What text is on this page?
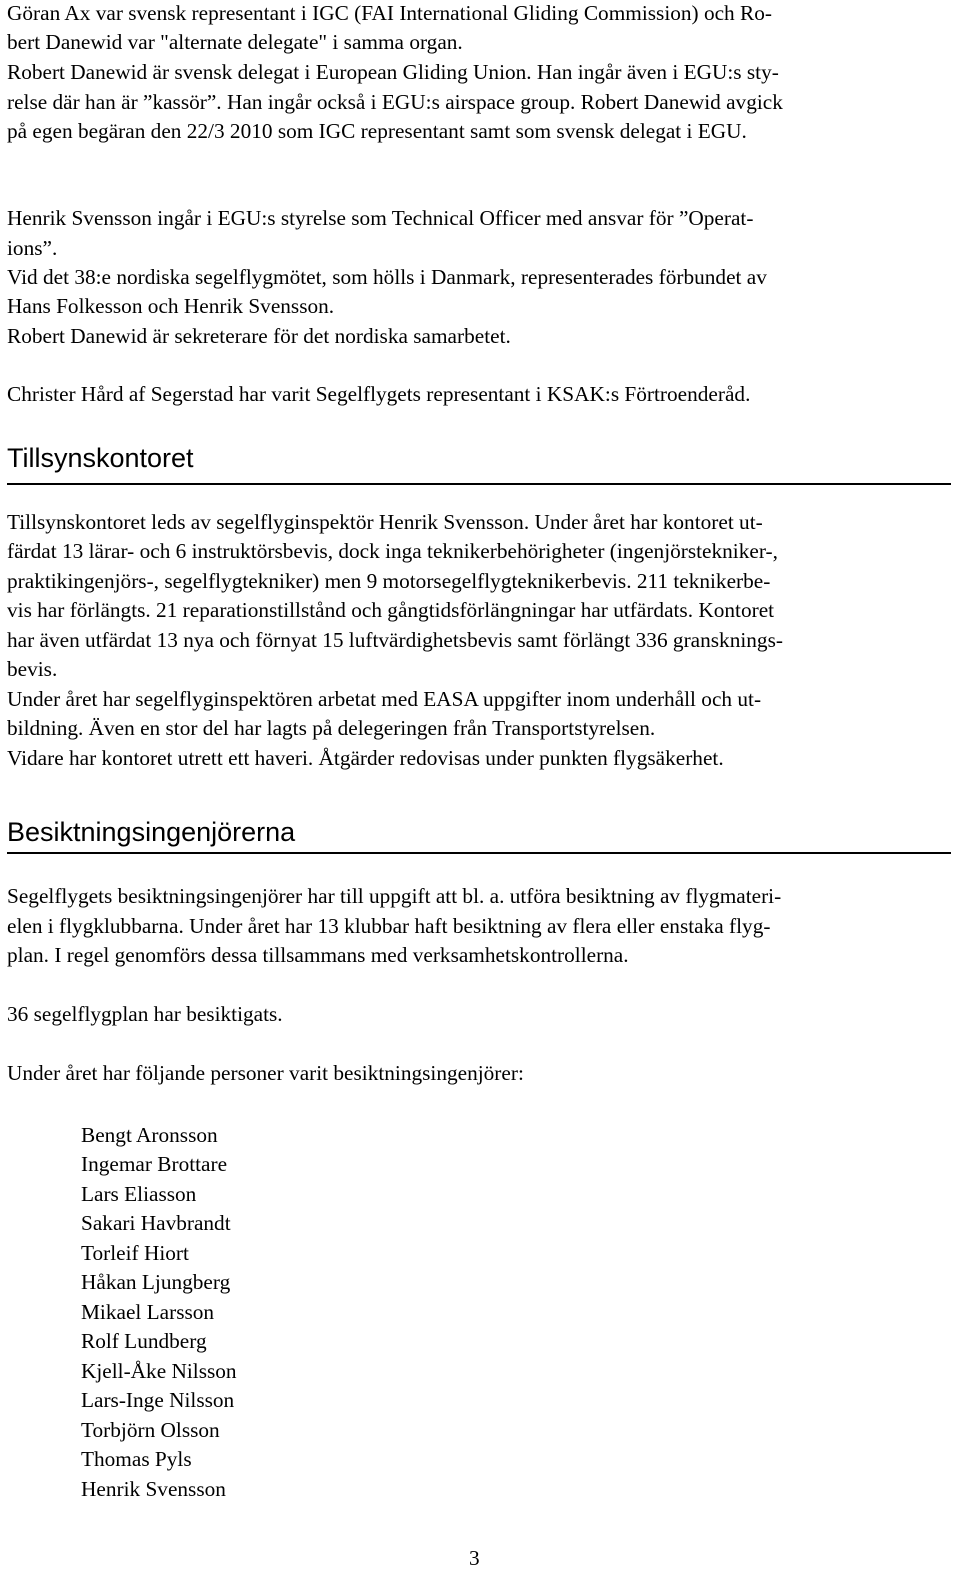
Göran Ax var svensk representant i IGC (FAI International Gliding Commission) och Ro-
bert Danewid var "alternate delegate" i samma organ.
Robert Danewid är svensk delegat i European Gliding Union. Han ingår även i EGU:s sty-
relse där han är ”kassör”. Han ingår också i EGU:s airspace group. Robert Danewid avgick
på egen begäran den 22/3 2010 som IGC representant samt som svensk delegat i EGU.
Henrik Svensson ingår i EGU:s styrelse som Technical Officer med ansvar för ”Operat-
ions”.
Vid det 38:e nordiska segelflygmötet, som hölls i Danmark, representerades förbundet av
Hans Folkesson och Henrik Svensson.
Robert Danewid är sekreterare för det nordiska samarbetet.
Christer Hård af Segerstad har varit Segelflygets representant i KSAK:s Förtroenderåd.
Tillsynskontoret
Tillsynskontoret leds av segelflyginspektör Henrik Svensson. Under året har kontoret ut-
färdat 13 lärar- och 6 instruktörsbevis, dock inga teknikerbehörigheter (ingenjörstekniker-,
praktikingenjörs-, segelflygtekniker) men 9 motorsegelflygteknikerbevis. 211 teknikerbe-
vis har förlängts. 21 reparationstillstånd och gångtidsförlängningar har utfärdats. Kontoret
har även utfärdat 13 nya och förnyat 15 luftvärdighetsbevis samt förlängt 336 gransknings-
bevis.
Under året har segelflyginspektören arbetat med EASA uppgifter inom underhåll och ut-
bildning. Även en stor del har lagts på delegeringen från Transportstyrelsen.
Vidare har kontoret utrett ett haveri. Åtgärder redovisas under punkten flygsäkerhet.
Besiktningsingenjörerna
Segelflygets besiktningsingenjörer har till uppgift att bl. a. utföra besiktning av flygmateri-
elen i flygklubbarna. Under året har 13 klubbar haft besiktning av flera eller enstaka flyg-
plan. I regel genomförs dessa tillsammans med verksamhetskontrollerna.
36 segelflygplan har besiktigats.
Under året har följande personer varit besiktningsingenjörer:
Bengt Aronsson
Ingemar Brottare
Lars Eliasson
Sakari Havbrandt
Torleif Hiort
Håkan Ljungberg
Mikael Larsson
Rolf Lundberg
Kjell-Åke Nilsson
Lars-Inge Nilsson
Torbjörn Olsson
Thomas Pyls
Henrik Svensson
3
